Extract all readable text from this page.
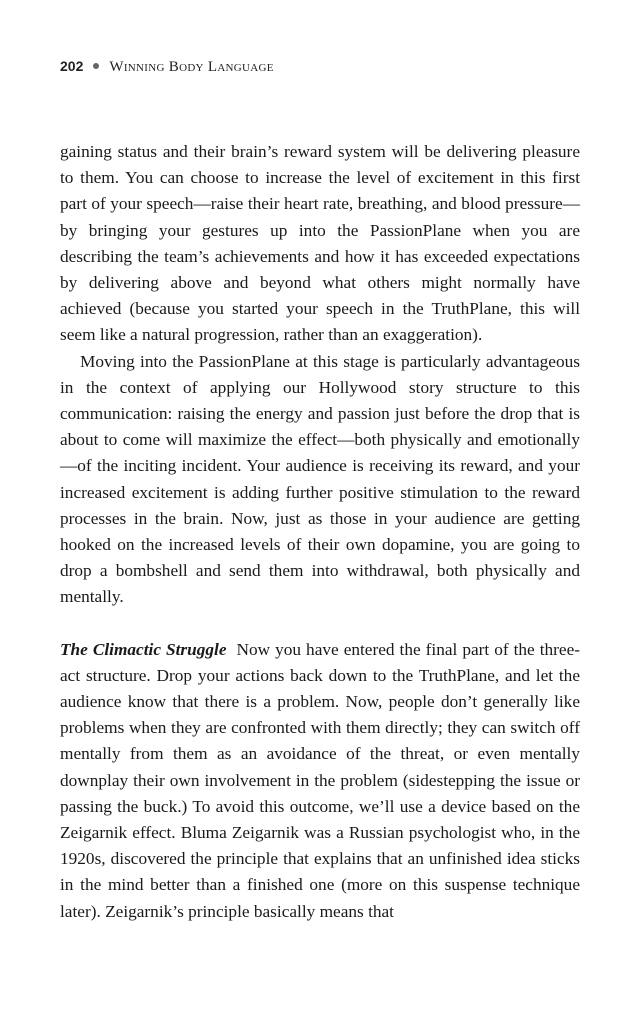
202 Winning Body Language

gaining status and their brain’s reward system will be delivering pleasure to them. You can choose to increase the level of excitement in this first part of your speech—raise their heart rate, breathing, and blood pressure—by bringing your gestures up into the PassionPlane when you are describing the team’s achievements and how it has exceeded expectations by delivering above and beyond what others might normally have achieved (because you started your speech in the TruthPlane, this will seem like a natural progression, rather than an exaggeration).

Moving into the PassionPlane at this stage is particularly advantageous in the context of applying our Hollywood story structure to this communication: raising the energy and passion just before the drop that is about to come will maximize the effect—both physically and emotionally—of the inciting incident. Your audience is receiving its reward, and your increased excitement is adding further positive stimulation to the reward processes in the brain. Now, just as those in your audience are getting hooked on the increased levels of their own dopamine, you are going to drop a bombshell and send them into withdrawal, both physically and mentally.

The Climactic Struggle Now you have entered the final part of the three-act structure. Drop your actions back down to the TruthPlane, and let the audience know that there is a problem. Now, people don’t generally like problems when they are confronted with them directly; they can switch off mentally from them as an avoidance of the threat, or even mentally downplay their own involvement in the problem (sidestepping the issue or passing the buck.) To avoid this outcome, we’ll use a device based on the Zeigarnik effect. Bluma Zeigarnik was a Russian psychologist who, in the 1920s, discovered the principle that explains that an unfinished idea sticks in the mind better than a finished one (more on this suspense technique later). Zeigarnik’s principle basically means that
